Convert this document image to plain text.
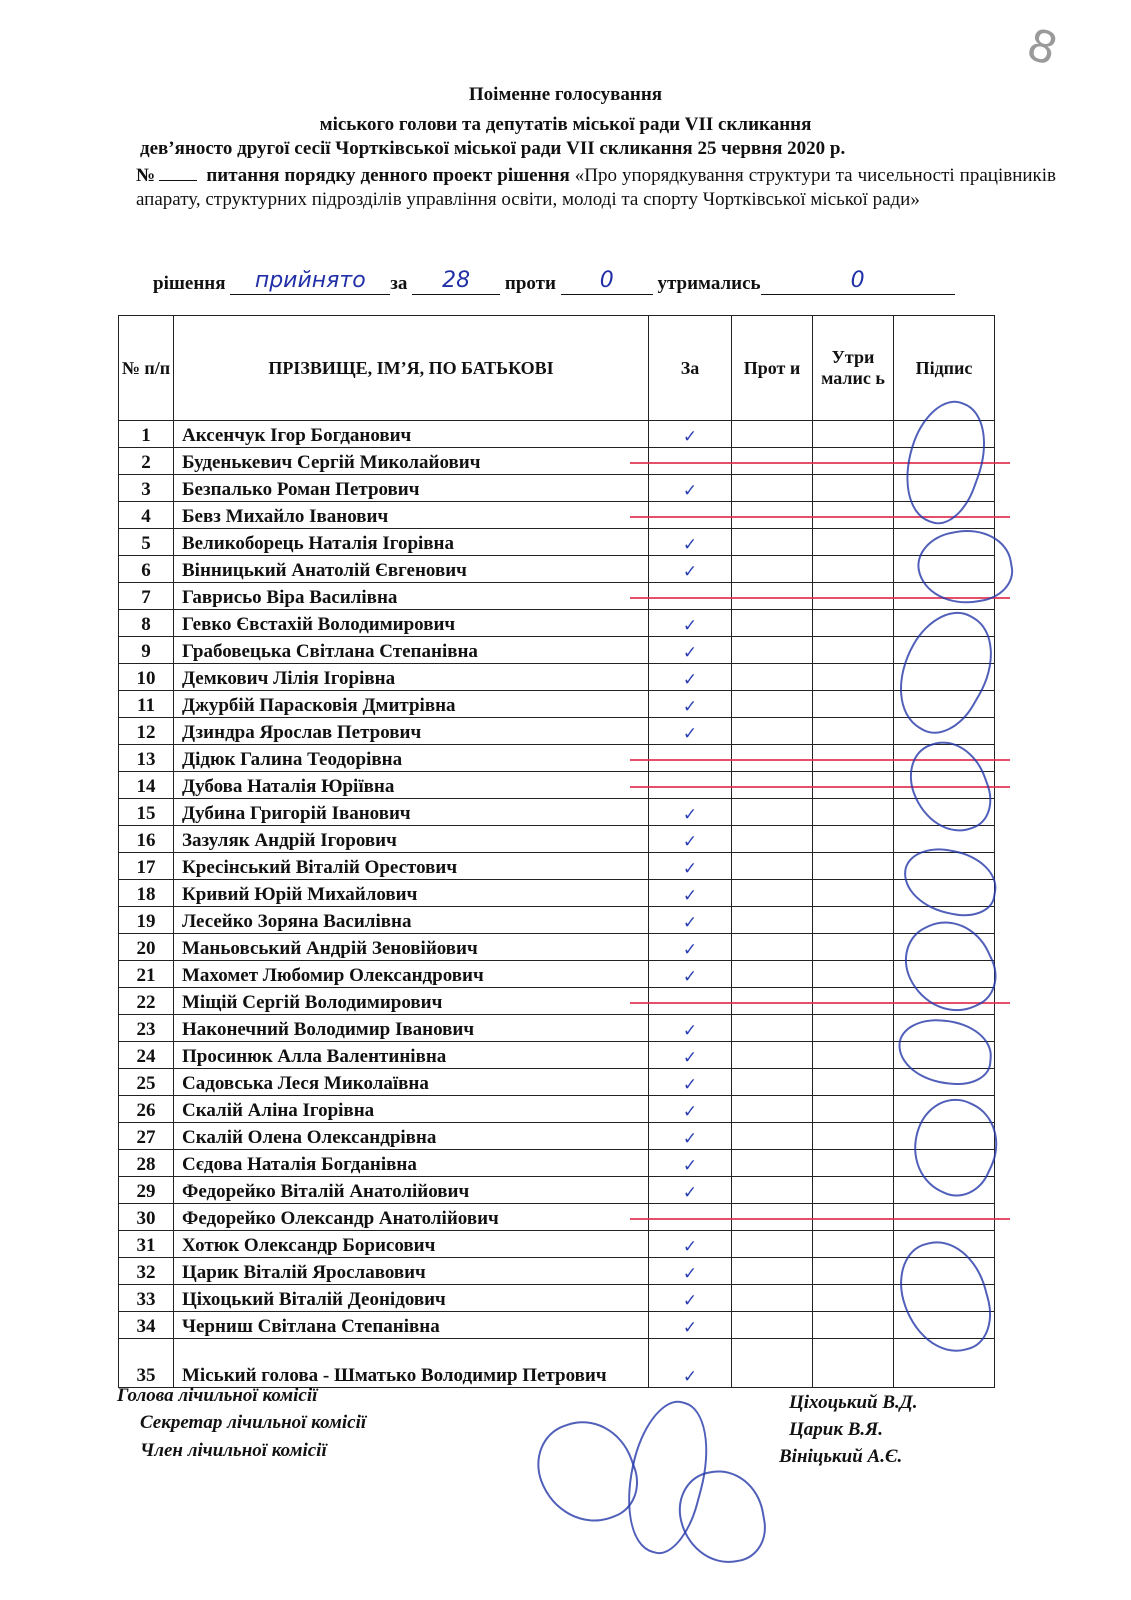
8
Поіменне голосування
міського голови та депутатів міської ради VII скликання
дев’яносто другої сесії Чортківської міської ради VII скликання 25 червня 2020 р.
№	питання порядку денного проект рішення «Про упорядкування структури та чисельності працівників апарату, структурних підрозділів управління освіти, молоді та спорту Чортківської міської ради»
рішення прийнято за 28 проти 0 утримались	0
№ п/п	ПРІЗВИЩЕ, ІМ’Я, ПО БАТЬКОВІ	За	Прот и	Утри малис ь	Підпис
1	Аксенчук Ігор Богданович	✓			
2	Буденькевич Сергій Миколайович				
3	Безпалько Роман Петрович	✓			
4	Бевз Михайло Іванович				
5	Великоборець Наталія Ігорівна	✓			
6	Вінницький Анатолій Євгенович	✓			
7	Гаврисьо Віра Василівна				
8	Гевко Євстахій Володимирович	✓			
9	Грабовецька Світлана Степанівна	✓			
10	Демкович Лілія Ігорівна	✓			
11	Джурбій Парасковія Дмитрівна	✓			
12	Дзиндра Ярослав Петрович	✓			
13	Дідюк Галина Теодорівна				
14	Дубова Наталія Юріївна				
15	Дубина Григорій Іванович	✓			
16	Зазуляк Андрій Ігорович	✓			
17	Кресінський Віталій Орестович	✓			
18	Кривий Юрій Михайлович	✓			
19	Лесейко Зоряна Василівна	✓			
20	Маньовський Андрій Зеновійович	✓			
21	Махомет Любомир Олександрович	✓			
22	Міщій Сергій Володимирович				
23	Наконечний Володимир Іванович	✓			
24	Просинюк Алла Валентинівна	✓			
25	Садовська Леся Миколаївна	✓			
26	Скалій Аліна Ігорівна	✓			
27	Скалій Олена Олександрівна	✓			
28	Сєдова Наталія Богданівна	✓			
29	Федорейко Віталій Анатолійович	✓			
30	Федорейко Олександр Анатолійович				
31	Хотюк Олександр Борисович	✓			
32	Царик Віталій Ярославович	✓			
33	Ціхоцький Віталій Деонідович	✓			
34	Черниш Світлана Степанівна	✓			
35	Міський голова - Шматько Володимир Петрович	✓			
Голова лічильної комісії
Секретар лічильної комісії
Член лічильної комісії
Ціхоцький В.Д.
Царик В.Я.
Вініцький А.Є.
